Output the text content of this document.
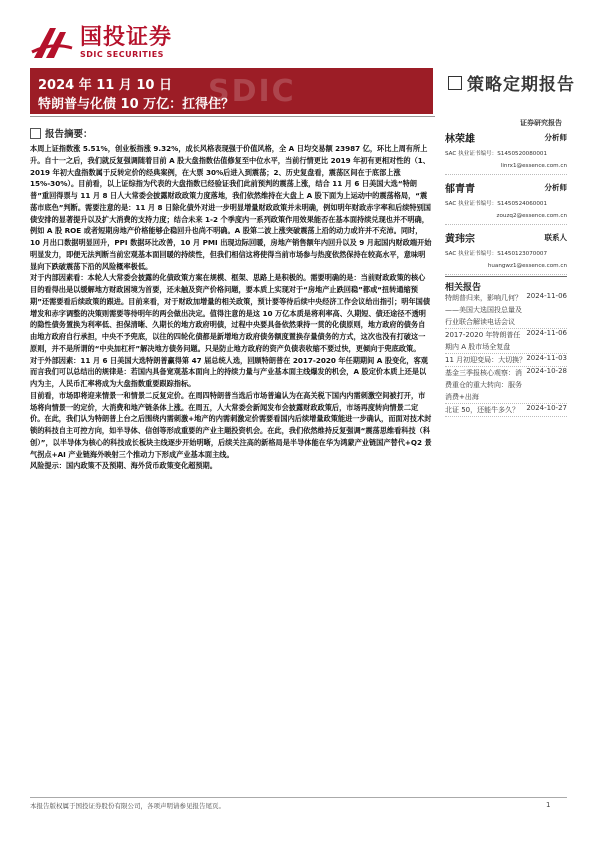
国投证券
SDIC SECURITIES
SDIC
2024 年 11 月 10 日
特朗普与化债 10 万亿：扛得住？
策略定期报告
证券研究报告
报告摘要：

本周上证指数涨 5.51%，创业板指涨 9.32%，成长风格表现强于价值风格，全 A 日均交易额 23987 亿，环比上周有所上升。自十一之后，我们就反复强调随着目前 A 股大盘指数估值修复至中位水平，当前行情更比 2019 年初有更相对性的（1、2019 年初大盘指数属于反转定价的经典案例，在大票 30%后进入到震荡；2、历史复盘看，震荡区间在于底部上涨 15%-30%）。目前看，以上证综指为代表的大盘指数已经验证我们此前预判的震荡上涨，结合 11 月 6 日美国大选“特朗普”重回得票与 11 月 8 日人大常委会披露财政政策力度落地，我们依然维持在大盘上 A 股下面为上运动中的震荡格局，“震荡市底色”判断。需要注意的是：11 月 8 日除化债外对进一步明显增量财政政策并未明确，例如明年财政赤字率和后续特别国债安排的显著提升以及扩大消费的支持力度；结合未来 1-2 个季度内一系列政策作用效果能否在基本面持续兑现也并不明确，例如 A 股 ROE 或者短期房地产价格能够企稳回升也尚不明确。A 股第二波上涨突破震荡上沿的动力或许并不充沛。同时，10 月出口数据明显回升，PPI 数据环比改善，10 月 PMI 出现边际回暖，房地产销售额年内回升以及 9 月起国内财政端开始明显发力，即便无法判断当前宏观基本面回暖的持续性，但我们相信这将使得当前市场参与热度依然保持在较高水平，意味明显向下跌破震荡下沿的风险概率极低。

对于内部因素看：本轮人大常委会披露的化债政策方案在规模、框架、思路上是积极的。需要明确的是：当前财政政策的核心目的看得出是以缓解地方财政困境为首要，还未触及资产价格问题，要本质上实现对于“房地产止跌回稳”都或“扭转通缩预期”还需要看后续政策的跟进。目前来看，对于财政加增量的相关政策，预计要等待后续中央经济工作会议给出指引；明年国债增发和赤字调整的决策则需要等待明年的两会做出决定。值得注意的是这 10 万亿本质是将利率高、久期短、债还途径不透明的隐性债务置换为利率低、担保清晰、久期长的地方政府明债，过程中央要具备依然秉持一贯的化债原则，地方政府的债务自由地方政府自行承担，中央不予兜底，以往的四轮化债都是新增地方政府债务额度置换存量债务的方式，这次也没有打破这一原则，并不是所谓的“中央加杠杆”解决地方债务问题。只是防止地方政府的资产负债表收缩不要过快，更倾向于兜底政策。

对于外部因素：11 月 6 日美国大选特朗普赢得第 47 届总统人选，回顾特朗普在 2017-2020 年任期期间 A 股变化，客观而言我们可以总结出的规律是：若国内具备宽观基本面向上的持续力量与产业基本面主线爆发的机会，A 股定价本质上还是以内为主，人民币汇率将成为大盘指数重要跟踪指标。

目前看，市场即将迎来情景一和情景二反复定价。在周四特朗普当选后市场普遍认为在高关税下国内内需刺激空间被打开，市场将向情景一的定价，大消费和地产链条体上涨。在周五，人大常委会新闻发布会披露财政政策后，市场再度转向情景二定价。在此，我们认为特朗普上台之后围绕内需刺激+地产的内需刺激定价需要看国内后续增量政策能进一步确认，而面对技术封锁的科技自主可控方向，如半导体、信创等形成重要的产业主题投资机会。在此，我们依然维持反复强调“震荡思维看科技（科创）”，以半导体为核心的科技成长板块主线逐步开始明晰，后续关注高的新格局是半导体能在华为鸿蒙产业链国产替代+Q2 景气拐点+AI 产业链海外映射三个推动力下形成产业基本面主线。

风险提示：国内政策不及预期、海外货币政策变化超预期。

林荣雄	分析师
SAC 执业证书编号：S1450520080001
linrx1@essence.com.cn
郁青青	分析师
SAC 执业证书编号：S1450524060001
zouzq2@essence.com.cn
黄玮宗	联系人
SAC 执业证书编号：S1450123070007
huangwz1@essence.com.cn
相关报告
2024-11-06
特朗普归来，影响几何？——美国大选国投总量及行业联合解读电话会议
2024-11-06
2017-2020 年特朗普任期内 A 股市场全复盘
2024-11-03
11 月初迎变局：大切换？
2024-10-28
基金三季报核心观察：消费重仓的重大转向：服务消费+出海
2024-10-27
北证 50，还能牛多久？
本报告版权属于国投证券股份有限公司，各项声明请参见报告尾页。	1
